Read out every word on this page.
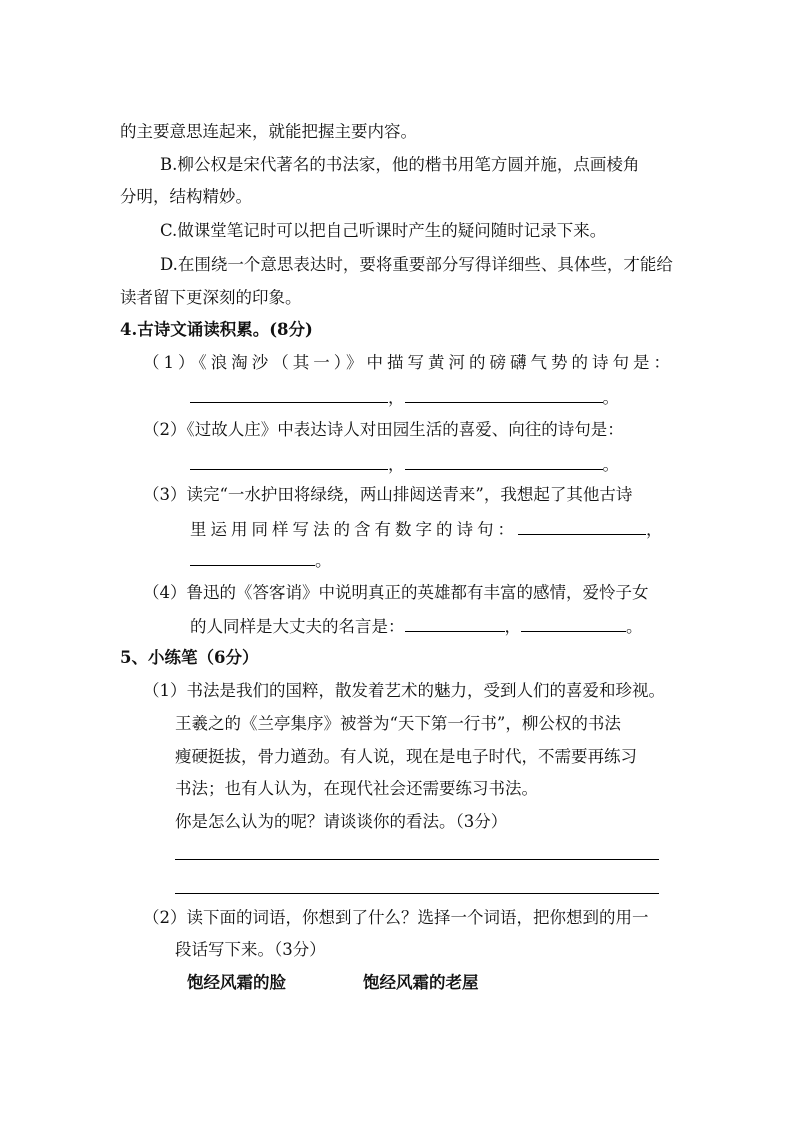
的主要意思连起来，就能把握主要内容。
B.柳公权是宋代著名的书法家，他的楷书用笔方圆并施，点画棱角
分明，结构精妙。
C.做课堂笔记时可以把自己听课时产生的疑问随时记录下来。
D.在围绕一个意思表达时，要将重要部分写得详细些、具体些，才能给
读者留下更深刻的印象。
4.古诗文诵读积累。(8分)
（1）《浪淘沙（其一）》中描写黄河的磅礴气势的诗句是：
，	。
（2）《过故人庄》中表达诗人对田园生活的喜爱、向往的诗句是：
，	。
（3）读完“一水护田将绿绕，两山排闼送青来”，我想起了其他古诗
里运用同样写法的含有数字的诗句：	，
。
（4）鲁迅的《答客诮》中说明真正的英雄都有丰富的感情，爱怜子女
的人同样是大丈夫的名言是：	，	。
5、小练笔（6分）
（1）书法是我们的国粹，散发着艺术的魅力，受到人们的喜爱和珍视。
王羲之的《兰亭集序》被誉为“天下第一行书”，柳公权的书法
瘦硬挺拔，骨力遒劲。有人说，现在是电子时代，不需要再练习
书法；也有人认为，在现代社会还需要练习书法。
你是怎么认为的呢？请谈谈你的看法。（3分）
（2）读下面的词语，你想到了什么？选择一个词语，把你想到的用一
段话写下来。（3分）
饱经风霜的脸	饱经风霜的老屋
